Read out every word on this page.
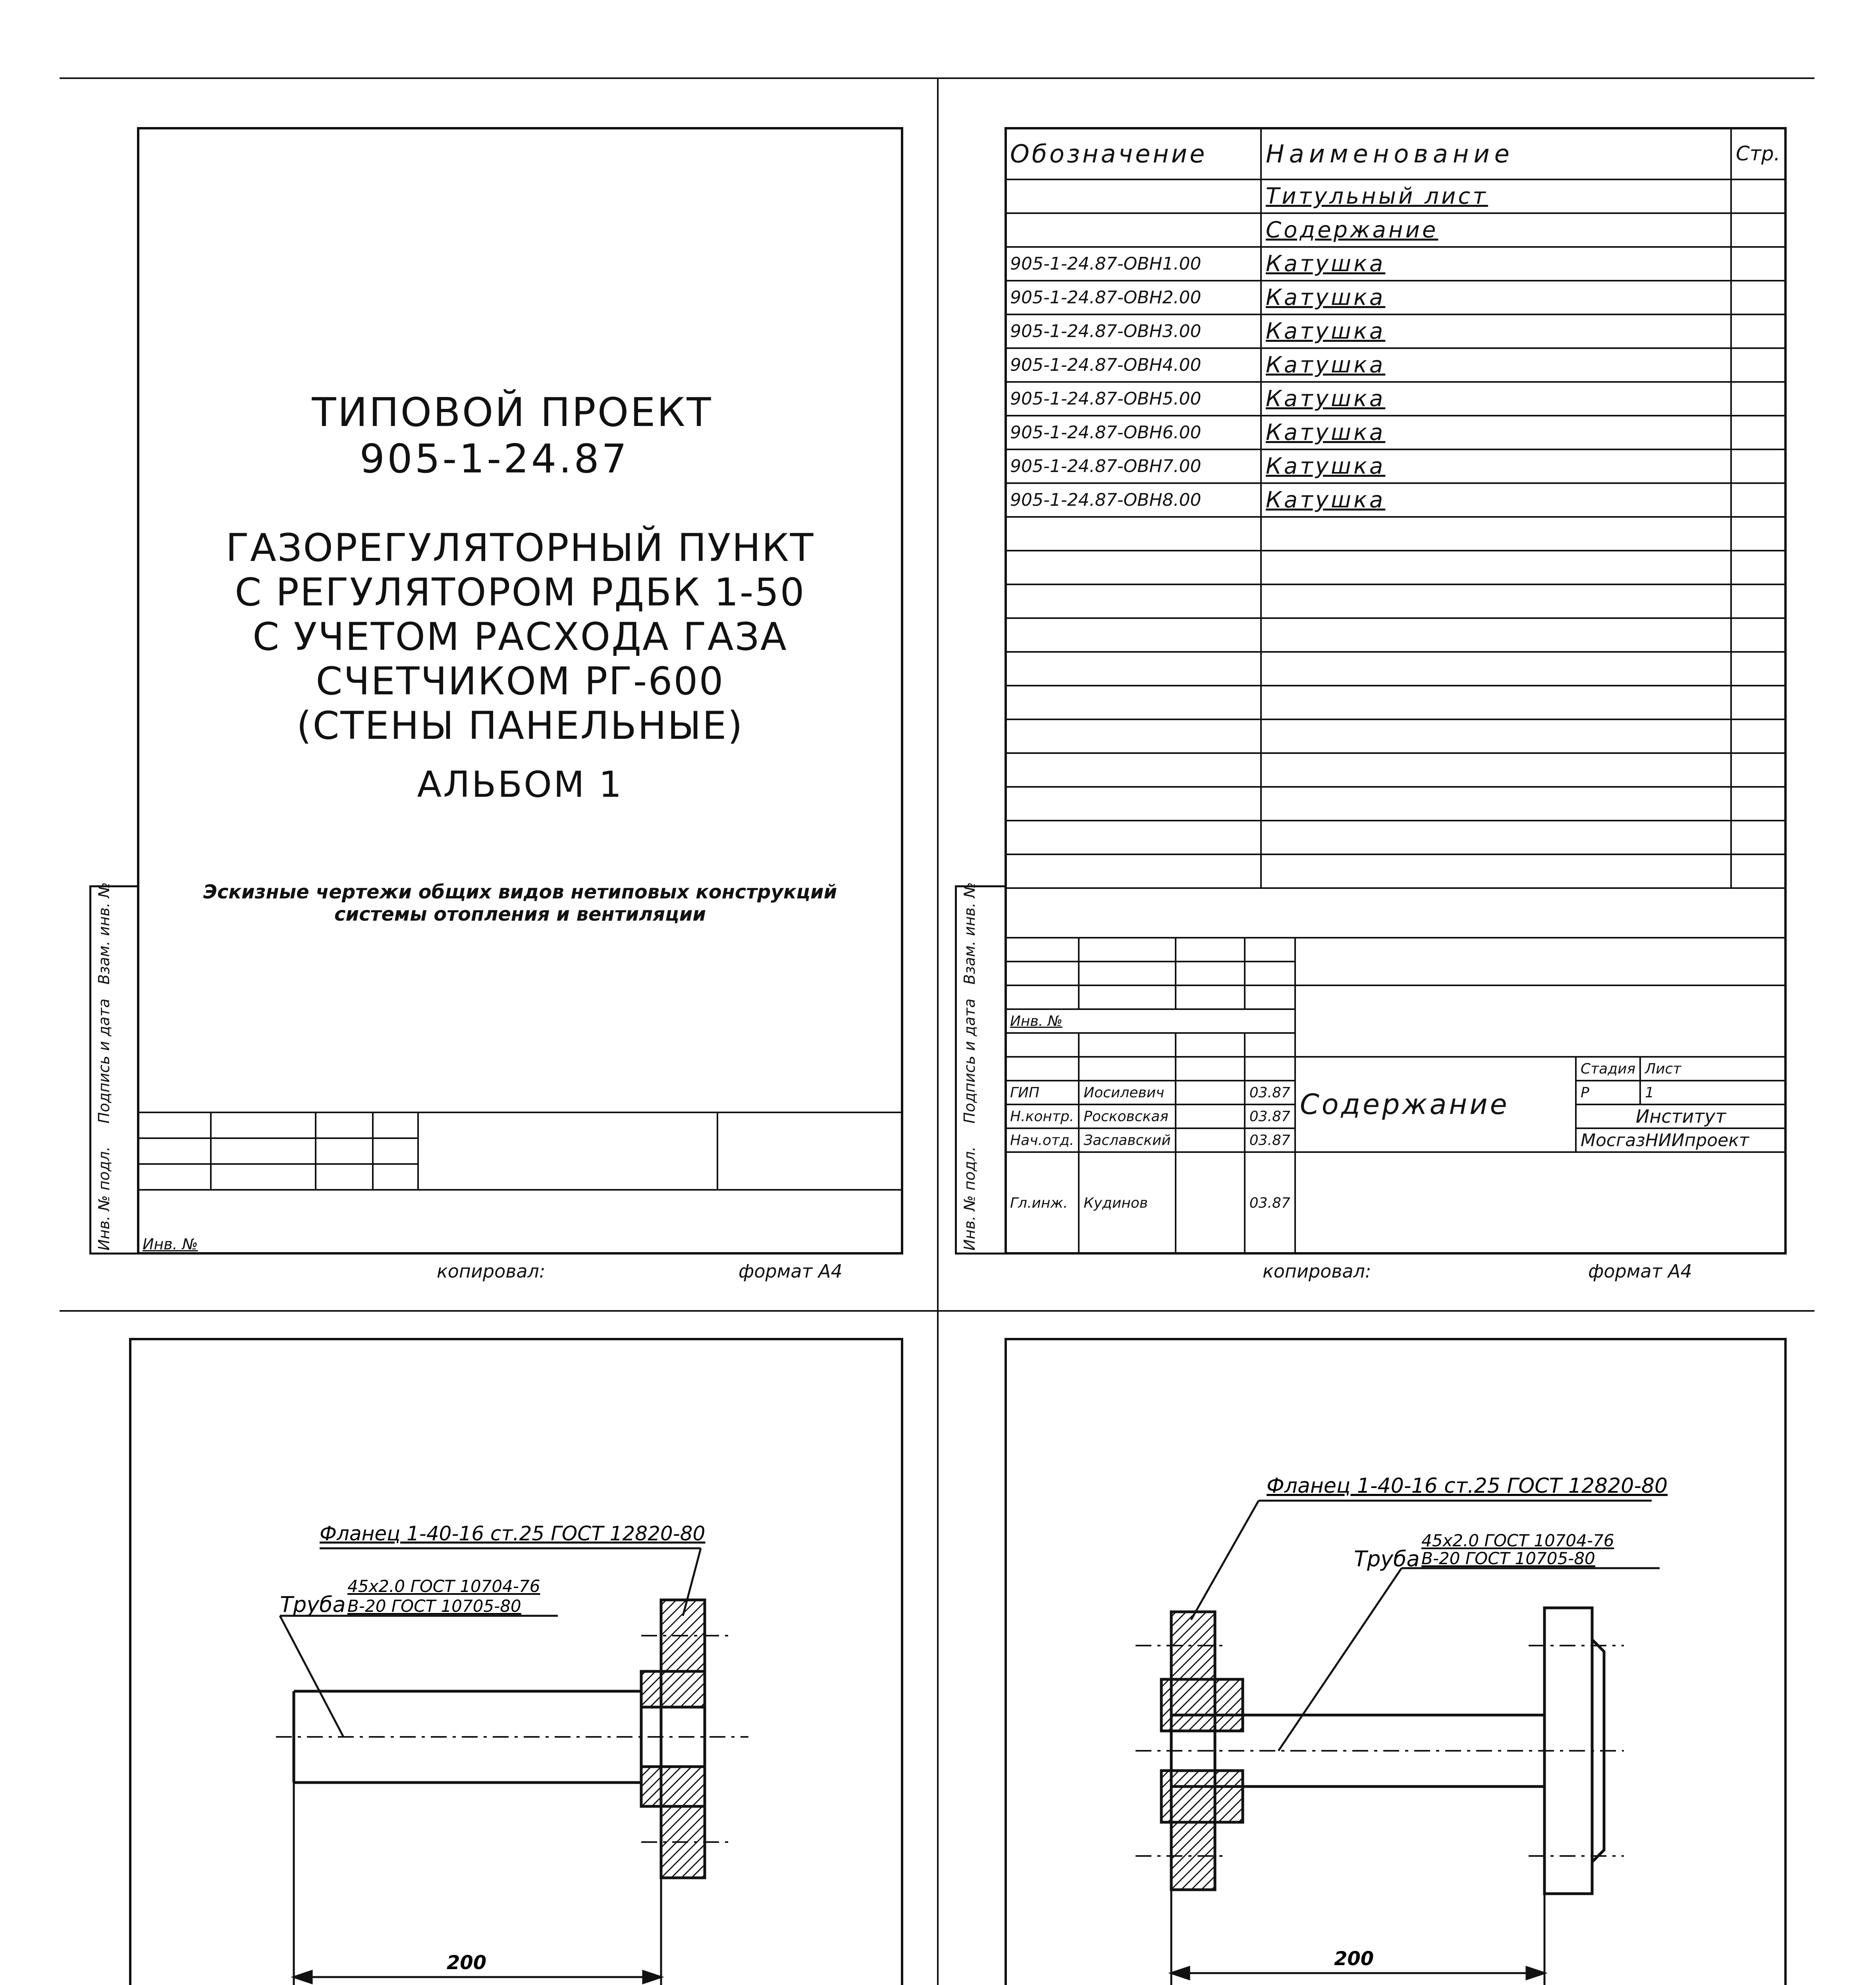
Взам. инв. №
Подпись и дата
Инв. № подл.
ТИПОВОЙ ПРОЕКТ
905-1-24.87
ГАЗОРЕГУЛЯТОРНЫЙ ПУНКТ
С РЕГУЛЯТОРОМ РДБК 1-50
С УЧЕТОМ РАСХОДА ГАЗА
СЧЕТЧИКОМ РГ-600
(СТЕНЫ ПАНЕЛЬНЫЕ)
АЛЬБОМ 1
Эскизные чертежи общих видов нетиповых конструкций
системы отопления и вентиляции

Инв. №					
копировал:	формат А4
Взам. инв. №
Подпись и дата
Инв. № подл.
Обозначение	Наименование	Стр.
	Титульный лист	
	Содержание	
905-1-24.87-ОВН1.00	Катушка	
905-1-24.87-ОВН2.00	Катушка	
905-1-24.87-ОВН3.00	Катушка	
905-1-24.87-ОВН4.00	Катушка	
905-1-24.87-ОВН5.00	Катушка	
905-1-24.87-ОВН6.00	Катушка	
905-1-24.87-ОВН7.00	Катушка	
905-1-24.87-ОВН8.00	Катушка	

Инв. №						

				Содержание	Стадия	Лист
ГИП	Иосилевич		03.87		Р	1
Н.контр.	Росковская		03.87		Институт	
Нач.отд.	Заславский		03.87		МосгазНИИпроект	
Гл.инж.	Кудинов		03.87			
копировал:	формат А4
Фланец 1-40-16 ст.25 ГОСТ 12820-80
Труба
45х2.0 ГОСТ 10704-76
В-20 ГОСТ 10705-80
200

Фланец 1-40-16 ст.25 ГОСТ 12820-80
Труба
45х2.0 ГОСТ 10704-76
В-20 ГОСТ 10705-80
200
